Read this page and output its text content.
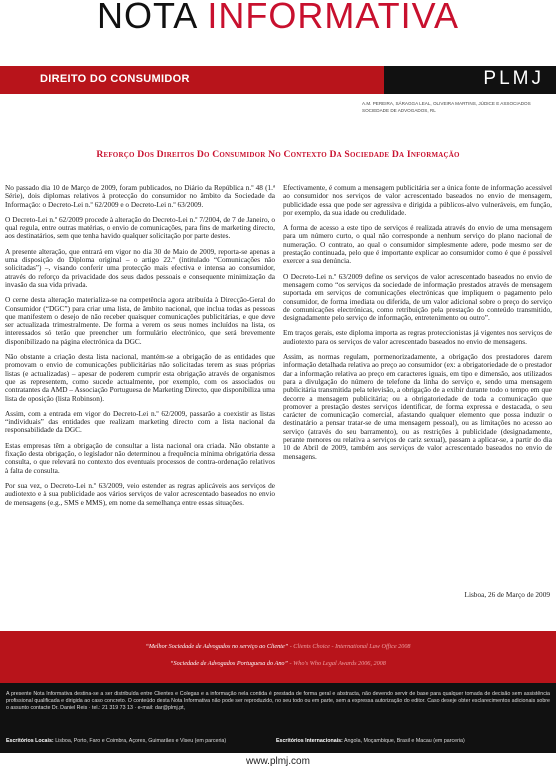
NOTA INFORMATIVA
DIREITO DO CONSUMIDOR	PLMJ
A.M. PEREIRA, SÁRAGGA LEAL, OLIVEIRA MARTINS, JÚDICE E ASSOCIADOS
SOCIEDADE DE ADVOGADOS, RL
Reforço Dos Direitos Do Consumidor No Contexto Da Sociedade Da Informação

No passado dia 10 de Março de 2009, foram publicados, no Diário da República n.º 48 (1.ª Série), dois diplomas relativos à protecção do consumidor no âmbito da Sociedade da Informação: o Decreto-Lei n.º 62/2009 e o Decreto-Lei n.º 63/2009.

O Decreto-Lei n.º 62/2009 procede à alteração do Decreto-Lei n.º 7/2004, de 7 de Janeiro, o qual regula, entre outras matérias, o envio de comunicações, para fins de marketing directo, aos destinatários, sem que tenha havido qualquer solicitação por parte destes.

A presente alteração, que entrará em vigor no dia 30 de Maio de 2009, reporta-se apenas a uma disposição do Diploma original – o artigo 22.º (intitulado “Comunicações não solicitadas”) –, visando conferir uma protecção mais efectiva e intensa ao consumidor, através do reforço da privacidade dos seus dados pessoais e consequente minimização da invasão da sua vida privada.

O cerne desta alteração materializa-se na competência agora atribuída à Direcção-Geral do Consumidor (“DGC”) para criar uma lista, de âmbito nacional, que inclua todas as pessoas que manifestem o desejo de não receber quaisquer comunicações publicitárias, e que deve ser actualizada trimestralmente. De forma a verem os seus nomes incluídos na lista, os interessados só terão que preencher um formulário electrónico, que será brevemente disponibilizado na página electrónica da DGC.

Não obstante a criação desta lista nacional, mantém-se a obrigação de as entidades que promovam o envio de comunicações publicitárias não solicitadas terem as suas próprias listas (e actualizadas) – apesar de poderem cumprir esta obrigação através de organismos que as representem, como sucede actualmente, por exemplo, com os associados ou contratantes da AMD – Associação Portuguesa de Marketing Directo, que disponibiliza uma lista de oposição (lista Robinson).

Assim, com a entrada em vigor do Decreto-Lei n.º 62/2009, passarão a coexistir as listas “individuais” das entidades que realizam marketing directo com a lista nacional da responsabilidade da DGC.

Estas empresas têm a obrigação de consultar a lista nacional ora criada. Não obstante a fixação desta obrigação, o legislador não determinou a frequência mínima obrigatória dessa consulta, o que relevará no contexto dos eventuais processos de contra-ordenação relativos à falta de consulta.

Por sua vez, o Decreto-Lei n.º 63/2009, veio estender as regras aplicáveis aos serviços de audiotexto e à sua publicidade aos vários serviços de valor acrescentado baseados no envio de mensagens (e.g., SMS e MMS), em nome da semelhança entre essas situações.

Efectivamente, é comum a mensagem publicitária ser a única fonte de informação acessível ao consumidor nos serviços de valor acrescentado baseados no envio de mensagem, publicidade essa que pode ser agressiva e dirigida a públicos-alvo vulneráveis, em função, por exemplo, da sua idade ou credulidade.

A forma de acesso a este tipo de serviços é realizada através do envio de uma mensagem para um número curto, o qual não corresponde a nenhum serviço do plano nacional de numeração. O contrato, ao qual o consumidor simplesmente adere, pode mesmo ser de prestação continuada, pelo que é importante explicar ao consumidor como é que é possível exercer a sua denúncia.

O Decreto-Lei n.º 63/2009 define os serviços de valor acrescentado baseados no envio de mensagem como “os serviços da sociedade de informação prestados através de mensagem suportada em serviços de comunicações electrónicas que impliquem o pagamento pelo consumidor, de forma imediata ou diferida, de um valor adicional sobre o preço do serviço de comunicações electrónicas, como retribuição pela prestação do conteúdo transmitido, designadamente pelo serviço de informação, entretenimento ou outro”.

Em traços gerais, este diploma importa as regras proteccionistas já vigentes nos serviços de audiotexto para os serviços de valor acrescentado baseados no envio de mensagens.

Assim, as normas regulam, pormenorizadamente, a obrigação dos prestadores darem informação detalhada relativa ao preço ao consumidor (ex: a obrigatoriedade de o prestador dar a informação relativa ao preço em caracteres iguais, em tipo e dimensão, aos utilizados para a divulgação do número de telefone da linha do serviço e, sendo uma mensagem publicitária transmitida pela televisão, a obrigação de a exibir durante todo o tempo em que decorre a mensagem publicitária; ou a obrigatoriedade de toda a comunicação que promover a prestação destes serviços identificar, de forma expressa e destacada, o seu carácter de comunicação comercial, afastando qualquer elemento que possa induzir o destinatário a pensar tratar-se de uma mensagem pessoal), ou as limitações no acesso ao serviço (através do seu barramento), ou as restrições à publicidade (designadamente, perante menores ou relativa a serviços de cariz sexual), passam a aplicar-se, a partir do dia 10 de Abril de 2009, também aos serviços de valor acrescentado baseados no envio de mensagens.

Lisboa, 26 de Março de 2009
“Melhor Sociedade de Advogados no serviço ao Cliente” - Clients Choice - International Law Office 2008
“Sociedade de Advogados Portuguesa do Ano” - Who's Who Legal Awards 2006, 2008
A presente Nota Informativa destina-se a ser distribuída entre Clientes e Colegas e a informação nela contida é prestada de forma geral e abstracta, não devendo servir de base para qualquer tomada de decisão sem assistência profissional qualificada e dirigida ao caso concreto. O conteúdo desta Nota Informativa não pode ser reproduzido, no seu todo ou em parte, sem a expressa autorização do editor. Caso deseje obter esclarecimentos adicionais sobre o assunto contacte Dr. Daniel Reis · tel.: 21 319 73 13 · e-mail: dar@plmj.pt,
Escritórios Locais: Lisboa, Porto, Faro e Coimbra, Açores, Guimarães e Viseu (em parceria)	Escritórios Internacionais: Angola, Moçambique, Brasil e Macau (em parceria)
www.plmj.com
